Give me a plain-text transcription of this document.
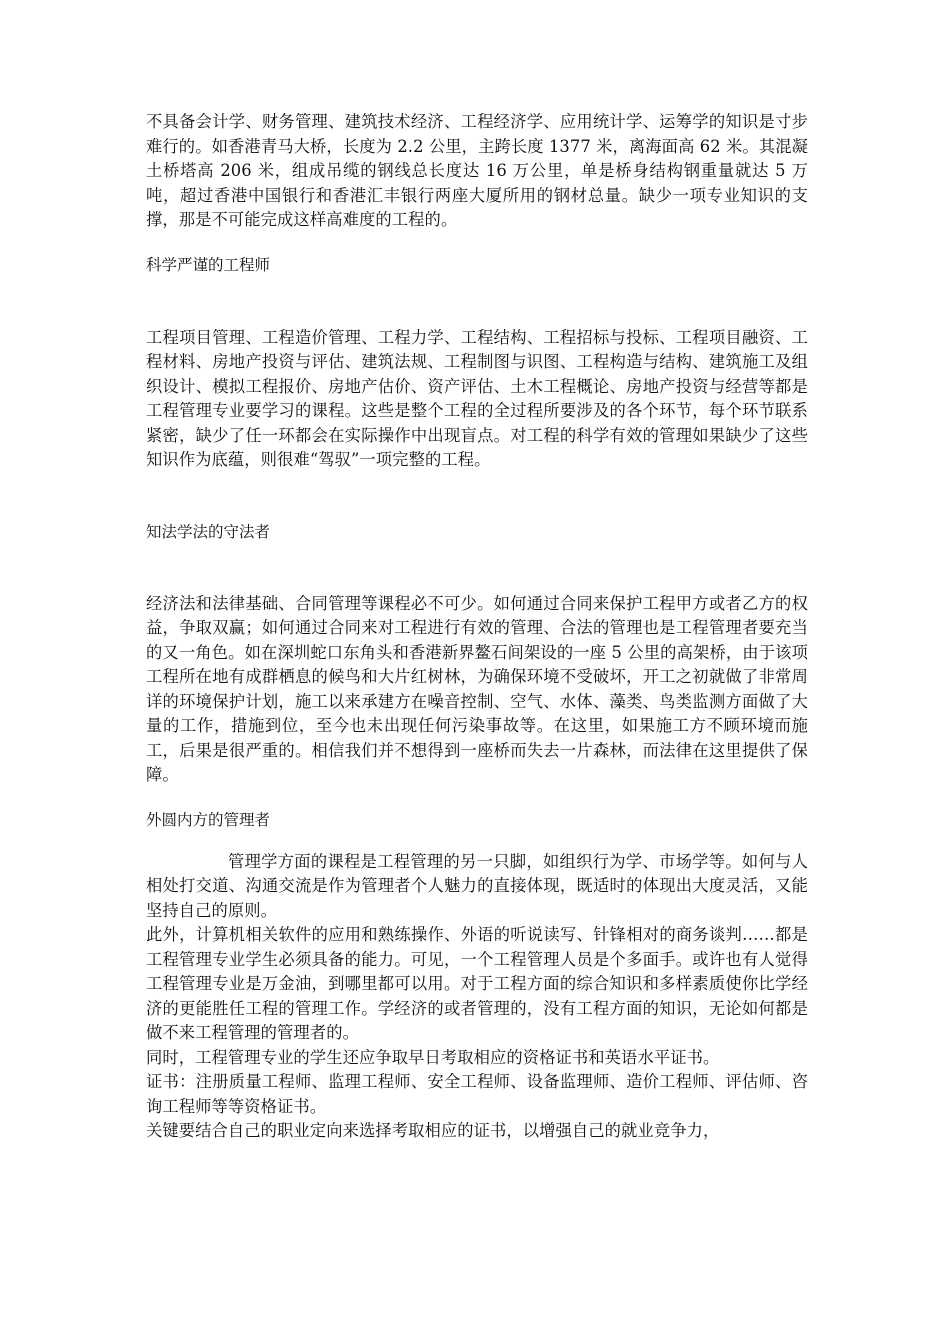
不具备会计学、财务管理、建筑技术经济、工程经济学、应用统计学、运筹学的知识是寸步难行的。如香港青马大桥，长度为 2.2 公里，主跨长度 1377 米，离海面高 62 米。其混凝土桥塔高 206 米，组成吊缆的钢线总长度达 16 万公里，单是桥身结构钢重量就达 5 万吨，超过香港中国银行和香港汇丰银行两座大厦所用的钢材总量。缺少一项专业知识的支撑，那是不可能完成这样高难度的工程的。

科学严谨的工程师

工程项目管理、工程造价管理、工程力学、工程结构、工程招标与投标、工程项目融资、工程材料、房地产投资与评估、建筑法规、工程制图与识图、工程构造与结构、建筑施工及组织设计、模拟工程报价、房地产估价、资产评估、土木工程概论、房地产投资与经营等都是工程管理专业要学习的课程。这些是整个工程的全过程所要涉及的各个环节，每个环节联系紧密，缺少了任一环都会在实际操作中出现盲点。对工程的科学有效的管理如果缺少了这些知识作为底蕴，则很难“驾驭”一项完整的工程。

知法学法的守法者

经济法和法律基础、合同管理等课程必不可少。如何通过合同来保护工程甲方或者乙方的权益，争取双赢；如何通过合同来对工程进行有效的管理、合法的管理也是工程管理者要充当的又一角色。如在深圳蛇口东角头和香港新界鳌石间架设的一座 5 公里的高架桥，由于该项工程所在地有成群栖息的候鸟和大片红树林，为确保环境不受破坏，开工之初就做了非常周详的环境保护计划，施工以来承建方在噪音控制、空气、水体、藻类、鸟类监测方面做了大量的工作，措施到位，至今也未出现任何污染事故等。在这里，如果施工方不顾环境而施工，后果是很严重的。相信我们并不想得到一座桥而失去一片森林，而法律在这里提供了保障。

外圆内方的管理者

管理学方面的课程是工程管理的另一只脚，如组织行为学、市场学等。如何与人相处打交道、沟通交流是作为管理者个人魅力的直接体现，既适时的体现出大度灵活，又能坚持自己的原则。

此外，计算机相关软件的应用和熟练操作、外语的听说读写、针锋相对的商务谈判……都是工程管理专业学生必须具备的能力。可见，一个工程管理人员是个多面手。或许也有人觉得工程管理专业是万金油，到哪里都可以用。对于工程方面的综合知识和多样素质使你比学经济的更能胜任工程的管理工作。学经济的或者管理的，没有工程方面的知识，无论如何都是做不来工程管理的管理者的。

同时，工程管理专业的学生还应争取早日考取相应的资格证书和英语水平证书。

证书：注册质量工程师、监理工程师、安全工程师、设备监理师、造价工程师、评估师、咨询工程师等等资格证书。

关键要结合自己的职业定向来选择考取相应的证书，以增强自己的就业竞争力，
